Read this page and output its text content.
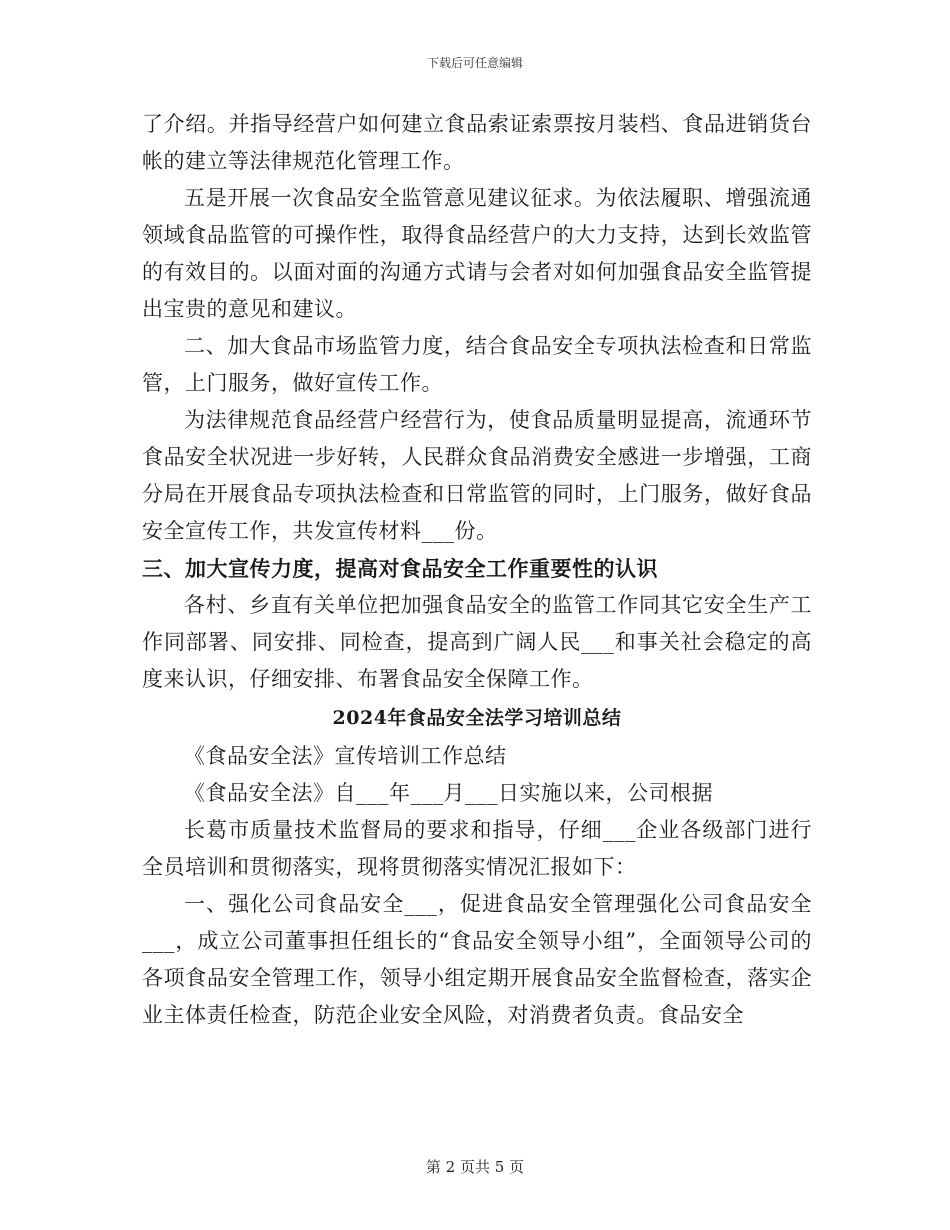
下载后可任意编辑

了介绍。并指导经营户如何建立食品索证索票按月装档、食品进销货台帐的建立等法律规范化管理工作。

五是开展一次食品安全监管意见建议征求。为依法履职、增强流通领域食品监管的可操作性，取得食品经营户的大力支持，达到长效监管的有效目的。以面对面的沟通方式请与会者对如何加强食品安全监管提出宝贵的意见和建议。

二、加大食品市场监管力度，结合食品安全专项执法检查和日常监管，上门服务，做好宣传工作。

为法律规范食品经营户经营行为，使食品质量明显提高，流通环节食品安全状况进一步好转，人民群众食品消费安全感进一步增强，工商分局在开展食品专项执法检查和日常监管的同时，上门服务，做好食品安全宣传工作，共发宣传材料___份。

三、加大宣传力度，提高对食品安全工作重要性的认识

各村、乡直有关单位把加强食品安全的监管工作同其它安全生产工作同部署、同安排、同检查，提高到广阔人民___和事关社会稳定的高度来认识，仔细安排、布署食品安全保障工作。

2024年食品安全法学习培训总结

《食品安全法》宣传培训工作总结

《食品安全法》自___年___月___日实施以来，公司根据

长葛市质量技术监督局的要求和指导，仔细___企业各级部门进行全员培训和贯彻落实，现将贯彻落实情况汇报如下：

一、强化公司食品安全___，促进食品安全管理强化公司食品安全___，成立公司董事担任组长的“食品安全领导小组”，全面领导公司的各项食品安全管理工作，领导小组定期开展食品安全监督检查，落实企业主体责任检查，防范企业安全风险，对消费者负责。食品安全

第 2 页共 5 页
